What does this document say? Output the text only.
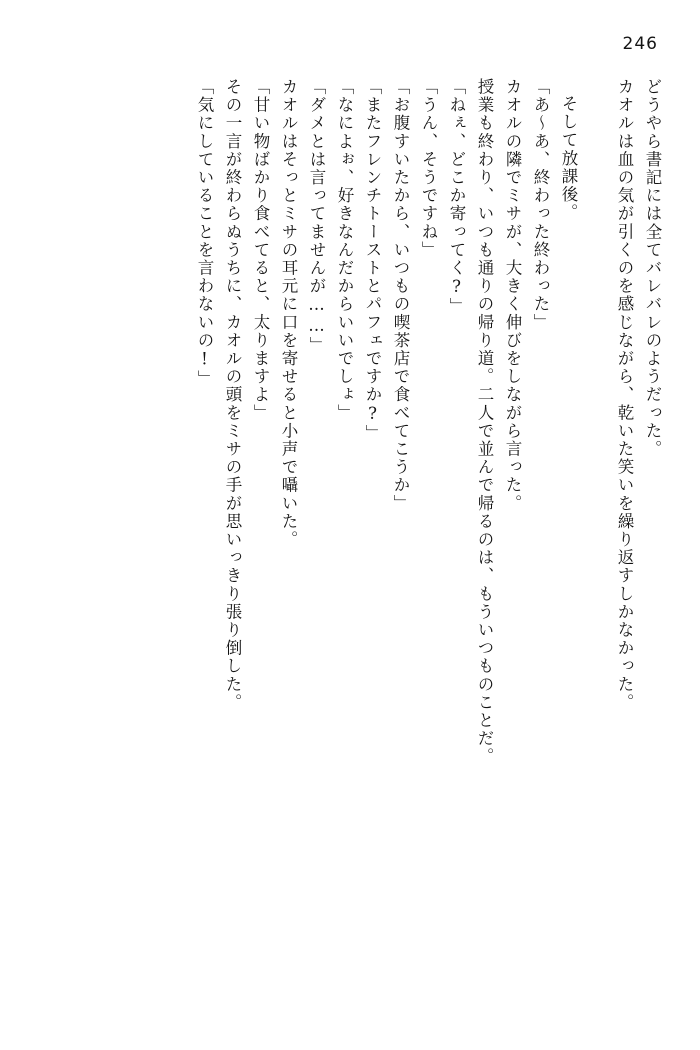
246
どうやら書記には全てバレバレのようだった。
カオルは血の気が引くのを感じながら、乾いた笑いを繰り返すしかなかった。
そして放課後。
「あ～あ、終わった終わった」
カオルの隣でミサが、大きく伸びをしながら言った。
授業も終わり、いつも通りの帰り道。二人で並んで帰るのは、もういつものことだ。
「ねぇ、どこか寄ってく?」
「うん、そうですね」
「お腹すいたから、いつもの喫茶店で食べてこうか」
「またフレンチトーストとパフェですか?」
「なによぉ、好きなんだからいいでしょ」
「ダメとは言ってませんが……」
カオルはそっとミサの耳元に口を寄せると小声で囁いた。
「甘い物ばかり食べてると、太りますよ」
その一言が終わらぬうちに、カオルの頭をミサの手が思いっきり張り倒した。
「気にしていることを言わないの!」
